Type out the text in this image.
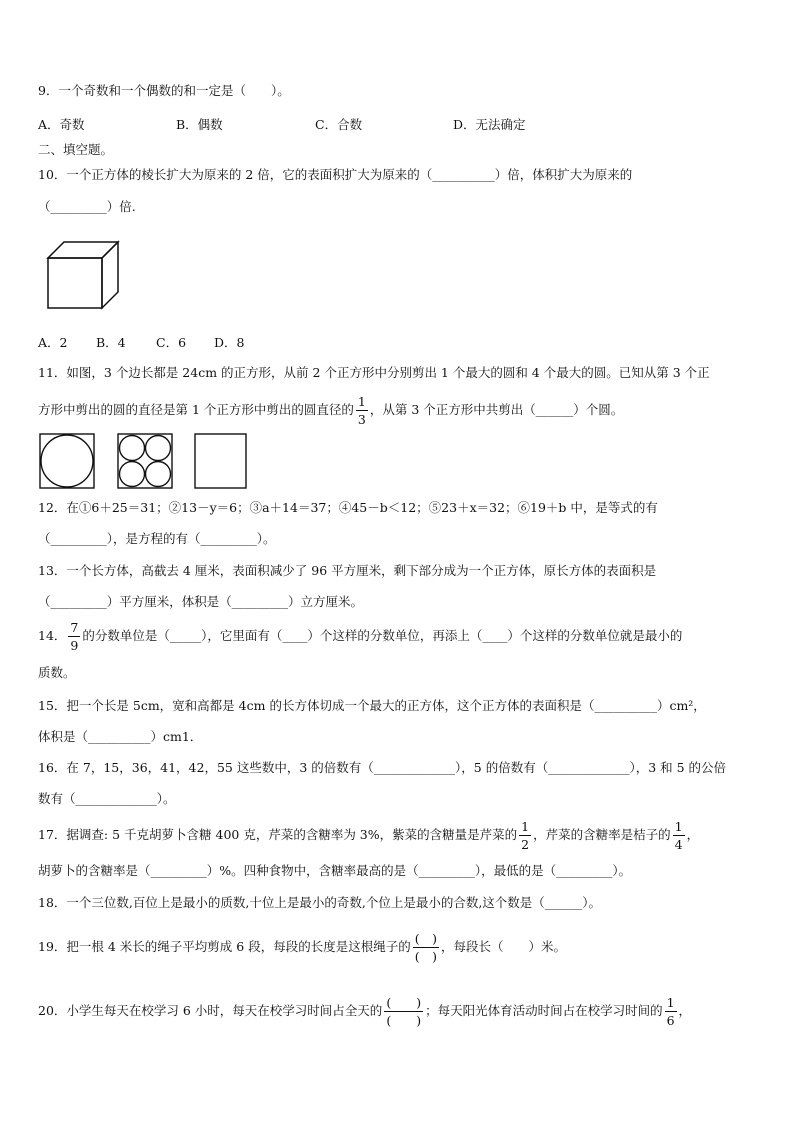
9．一个奇数和一个偶数的和一定是（　　）。
A．奇数	B．偶数	C．合数	D．无法确定
二、填空题。
10．一个正方体的棱长扩大为原来的 2 倍，它的表面积扩大为原来的（__________）倍，体积扩大为原来的
（_________）倍.
A．2 B．4 C．6 D．8
11．如图，3 个边长都是 24cm 的正方形，从前 2 个正方形中分别剪出 1 个最大的圆和 4 个最大的圆。已知从第 3 个正
方形中剪出的圆的直径是第 1 个正方形中剪出的圆直径的 $\frac{1}{3}$ ，从第 3 个正方形中共剪出（______）个圆。
12．在①6＋25＝31；②13－y＝6；③a＋14＝37；④45－b＜12；⑤23＋x＝32；⑥19＋b 中，是等式的有
（_________），是方程的有（_________）。
13．一个长方体，高截去 4 厘米，表面积减少了 96 平方厘米，剩下部分成为一个正方体，原长方体的表面积是
（_________）平方厘米，体积是（_________）立方厘米。
14． $\frac{7}{9}$ 的分数单位是（_____），它里面有（____）个这样的分数单位，再添上（____）个这样的分数单位就是最小的
质数。
15．把一个长是 5cm，宽和高都是 4cm 的长方体切成一个最大的正方体，这个正方体的表面积是（__________）cm²，
体积是（__________）cm1．
16．在 7，15，36，41，42，55 这些数中，3 的倍数有（_____________），5 的倍数有（_____________），3 和 5 的公倍
数有（_____________）。
17．据调查: 5 千克胡萝卜含糖 400 克，芹菜的含糖率为 3%，紫菜的含糖量是芹菜的 $\frac{1}{2}$ ，芹菜的含糖率是桔子的 $\frac{1}{4}$ ，
胡萝卜的含糖率是（_________）%。四种食物中，含糖率最高的是（_________），最低的是（_________）。
18．一个三位数,百位上是最小的质数,十位上是最小的奇数,个位上是最小的合数,这个数是（______）。
19．把一根 4 米长的绳子平均剪成 6 段，每段的长度是这根绳子的 $\frac{( )}{( )}$ ，每段长（　　）米。
20．小学生每天在校学习 6 小时，每天在校学习时间占全天的 $\frac{( )}{( )}$ ；每天阳光体育活动时间占在校学习时间的 $\frac{1}{6}$ ，
